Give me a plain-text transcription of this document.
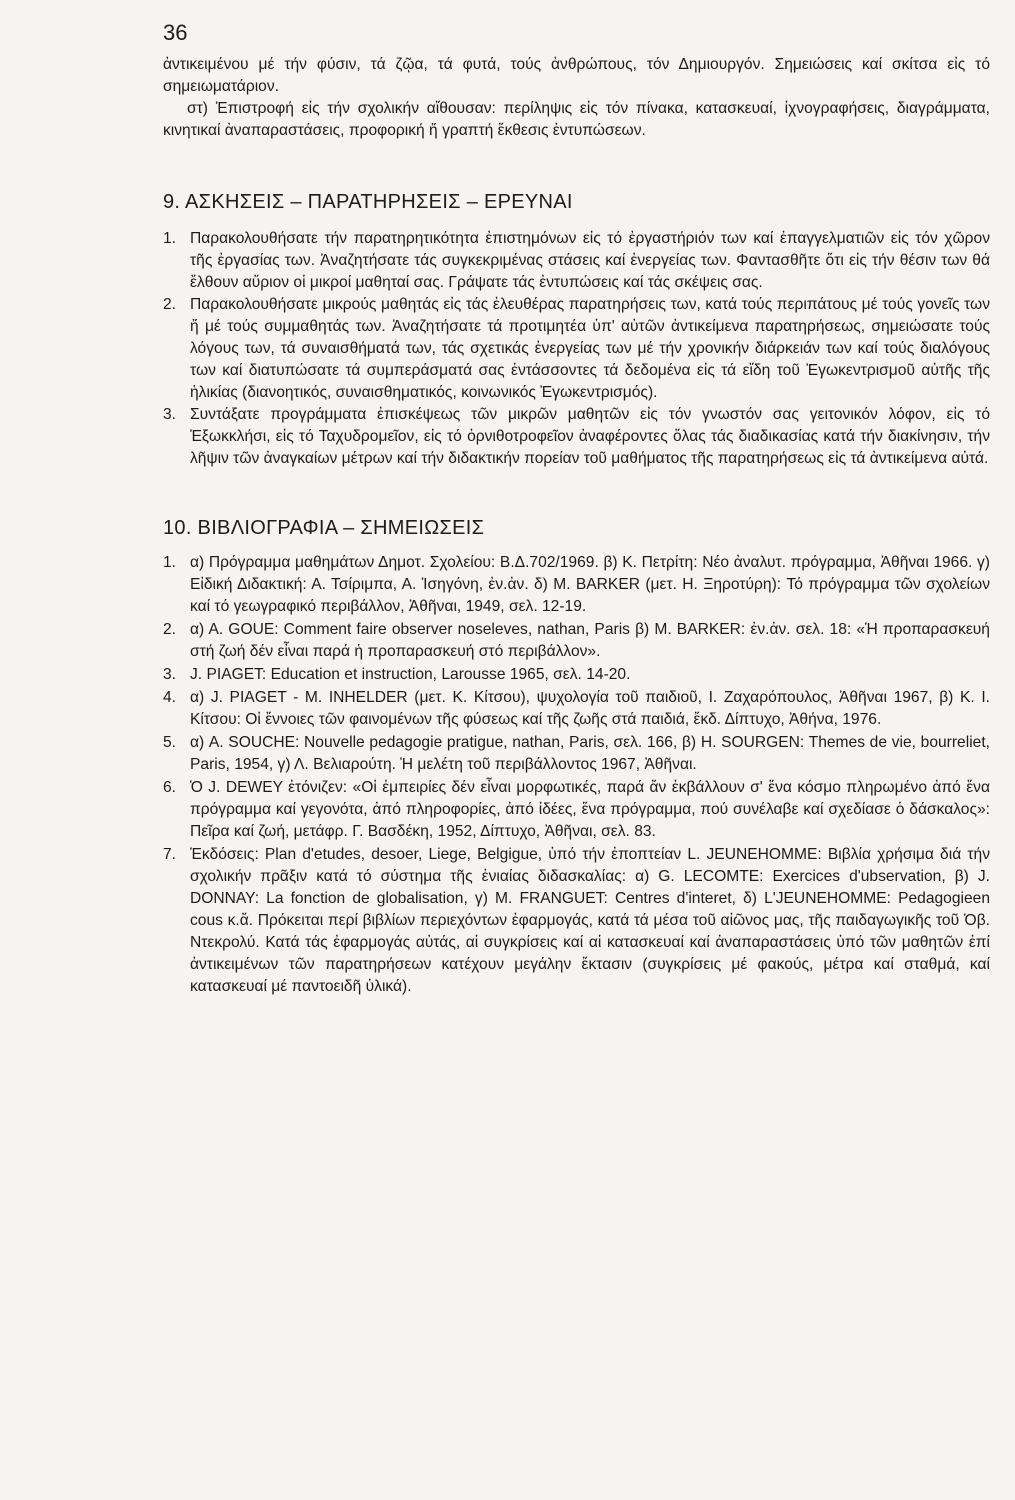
36

ἀντικειμένου μέ τήν φύσιν, τά ζῷα, τά φυτά, τούς ἀνθρώπους, τόν Δημιουργόν. Σημειώσεις καί σκίτσα εἰς τό σημειωματάριον.

στ) Ἐπιστροφή εἰς τήν σχολικήν αἴθουσαν: περίληψις εἰς τόν πίνακα, κατασκευαί, ἰχνογραφήσεις, διαγράμματα, κινητικαί ἀναπαραστάσεις, προφορική ἤ γραπτή ἔκθεσις ἐντυπώσεων.

9. ΑΣΚΗΣΕΙΣ – ΠΑΡΑΤΗΡΗΣΕΙΣ – ΕΡΕΥΝΑΙ
1. Παρακολουθήσατε τήν παρατηρητικότητα ἐπιστημόνων εἰς τό ἐργαστήριόν των καί ἐπαγγελματιῶν εἰς τόν χῶρον τῆς ἐργασίας των. Ἀναζητήσατε τάς συγκεκριμένας στάσεις καί ἐνεργείας των. Φαντασθῆτε ὅτι εἰς τήν θέσιν των θά ἔλθουν αὔριον οἱ μικροί μαθηταί σας. Γράψατε τάς ἐντυπώσεις καί τάς σκέψεις σας.
2. Παρακολουθήσατε μικρούς μαθητάς εἰς τάς ἐλευθέρας παρατηρήσεις των, κατά τούς περιπάτους μέ τούς γονεῖς των ἤ μέ τούς συμμαθητάς των. Ἀναζητήσατε τά προτιμητέα ὑπ' αὐτῶν ἀντικείμενα παρατηρήσεως, σημειώσατε τούς λόγους των, τά συναισθήματά των, τάς σχετικάς ἐνεργείας των μέ τήν χρονικήν διάρκειάν των καί τούς διαλόγους των καί διατυπώσατε τά συμπεράσματά σας ἐντάσσοντες τά δεδομένα εἰς τά εἴδη τοῦ Ἐγωκεντρισμοῦ αὐτῆς τῆς ἡλικίας (διανοητικός, συναισθηματικός, κοινωνικός Ἐγωκεντρισμός).
3. Συντάξατε προγράμματα ἐπισκέψεως τῶν μικρῶν μαθητῶν εἰς τόν γνωστόν σας γειτονικόν λόφον, εἰς τό Ἐξωκκλήσι, εἰς τό Ταχυδρομεῖον, εἰς τό ὀρνιθοτροφεῖον ἀναφέροντες ὅλας τάς διαδικασίας κατά τήν διακίνησιν, τήν λῆψιν τῶν ἀναγκαίων μέτρων καί τήν διδακτικήν πορείαν τοῦ μαθήματος τῆς παρατηρήσεως εἰς τά ἀντικείμενα αὐτά.
10. ΒΙΒΛΙΟΓΡΑΦΙΑ – ΣΗΜΕΙΩΣΕΙΣ
1. α) Πρόγραμμα μαθημάτων Δημοτ. Σχολείου: Β.Δ.702/1969. β) Κ. Πετρίτη: Νέο ἀναλυτ. πρόγραμμα, Ἀθῆναι 1966. γ) Εἰδική Διδακτική: Α. Τσίριμπα, Α. Ἰσηγόνη, ἐν.ἀν. δ) Μ. BARKER (μετ. Η. Ξηροτύρη): Τό πρόγραμμα τῶν σχολείων καί τό γεωγραφικό περιβάλλον, Ἀθῆναι, 1949, σελ. 12-19.
2. α) Α. GOUE: Comment faire observer noseleves, nathan, Paris β) Μ. BARKER: ἐν.ἀν. σελ. 18: «Ἡ προπαρασκευή στή ζωή δέν εἶναι παρά ἡ προπαρασκευή στό περιβάλλον».
3. J. PIAGET: Education et instruction, Larousse 1965, σελ. 14-20.
4. α) J. PIAGET - M. INHELDER (μετ. Κ. Κίτσου), ψυχολογία τοῦ παιδιοῦ, Ι. Ζαχαρόπουλος, Ἀθῆναι 1967, β) Κ. Ι. Κίτσου: Οἱ ἔννοιες τῶν φαινομένων τῆς φύσεως καί τῆς ζωῆς στά παιδιά, ἔκδ. Δίπτυχο, Ἀθήνα, 1976.
5. α) A. SOUCHE: Nouvelle pedagogie pratigue, nathan, Paris, σελ. 166, β) H. SOURGEN: Themes de vie, bourreliet, Paris, 1954, γ) Λ. Βελιαρούτη. Ἡ μελέτη τοῦ περιβάλλοντος 1967, Ἀθῆναι.
6. Ὁ J. DEWEY ἐτόνιζεν: «Οἱ ἐμπειρίες δέν εἶναι μορφωτικές, παρά ἄν ἐκβάλλουν σ' ἕνα κόσμο πληρωμένο ἀπό ἕνα πρόγραμμα καί γεγονότα, ἀπό πληροφορίες, ἀπό ἰδέες, ἕνα πρόγραμμα, πού συνέλαβε καί σχεδίασε ὁ δάσκαλος»: Πεῖρα καί ζωή, μετάφρ. Γ. Βασδέκη, 1952, Δίπτυχο, Ἀθῆναι, σελ. 83.
7. Ἐκδόσεις: Plan d'etudes, desoer, Liege, Belgigue, ὑπό τήν ἐποπτείαν L. JEUNEHOMME: Βιβλία χρήσιμα διά τήν σχολικήν πρᾶξιν κατά τό σύστημα τῆς ἑνιαίας διδασκαλίας: α) G. LECOMTE: Exercices d'ubservation, β) J. DONNAY: La fonction de globalisation, γ) M. FRANGUET: Centres d'interet, δ) L'JEUNEHOMME: Pedagogieen cous κ.ἄ. Πρόκειται περί βιβλίων περιεχόντων ἐφαρμογάς, κατά τά μέσα τοῦ αἰῶνος μας, τῆς παιδαγωγικῆς τοῦ Ὀβ. Ντεκρολύ. Κατά τάς ἐφαρμογάς αὐτάς, αἱ συγκρίσεις καί αἱ κατασκευαί καί ἀναπαραστάσεις ὑπό τῶν μαθητῶν ἐπί ἀντικειμένων τῶν παρατηρήσεων κατέχουν μεγάλην ἔκτασιν (συγκρίσεις μέ φακούς, μέτρα καί σταθμά, καί κατασκευαί μέ παντοειδῆ ὑλικά).
